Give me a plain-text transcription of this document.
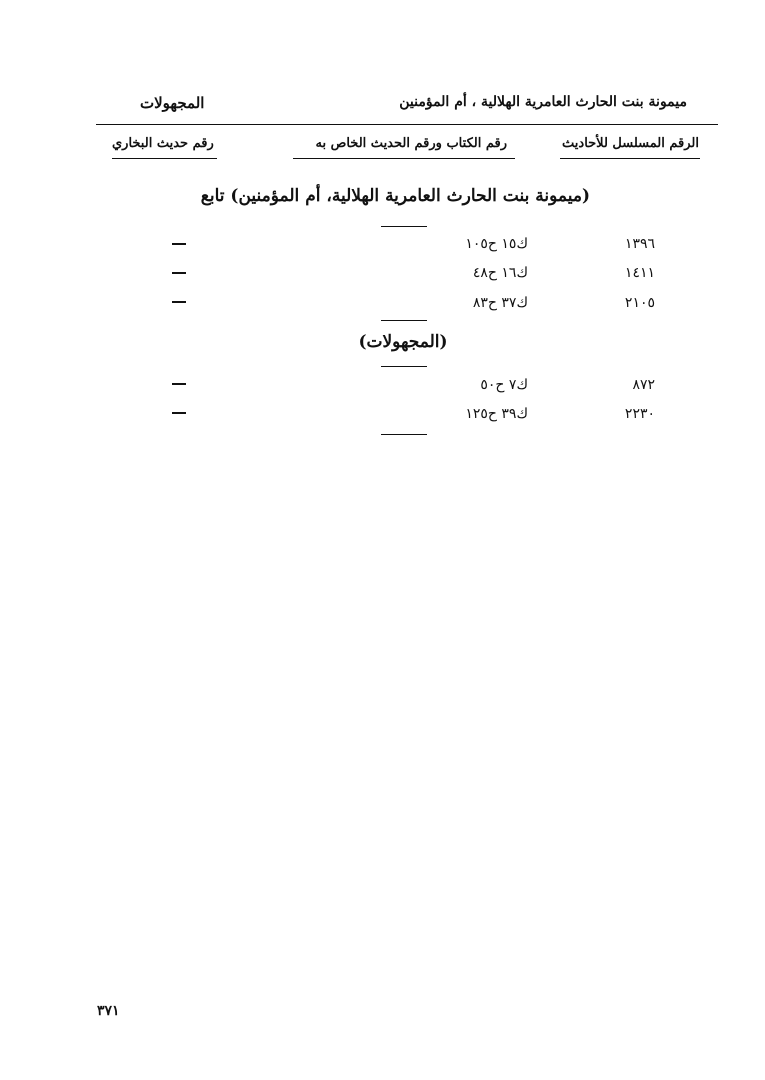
المجهولات	ميمونة بنت الحارث العامرية الهلالية ، أم المؤمنين
الرقم المسلسل للأحاديث
رقم الكتاب ورقم الحديث الخاص به
رقم حديث البخاري
(ميمونة بنت الحارث العامرية الهلالية، أم المؤمنين) تابع
١٣٩٦
ك١٥ ح١٠٥
١٤١١
ك١٦ ح٤٨
٢١٠٥
ك٣٧ ح٨٣
(المجهولات)
٨٧٢
ك٧ ح٥٠
٢٢٣٠
ك٣٩ ح١٢٥
٣٧١
